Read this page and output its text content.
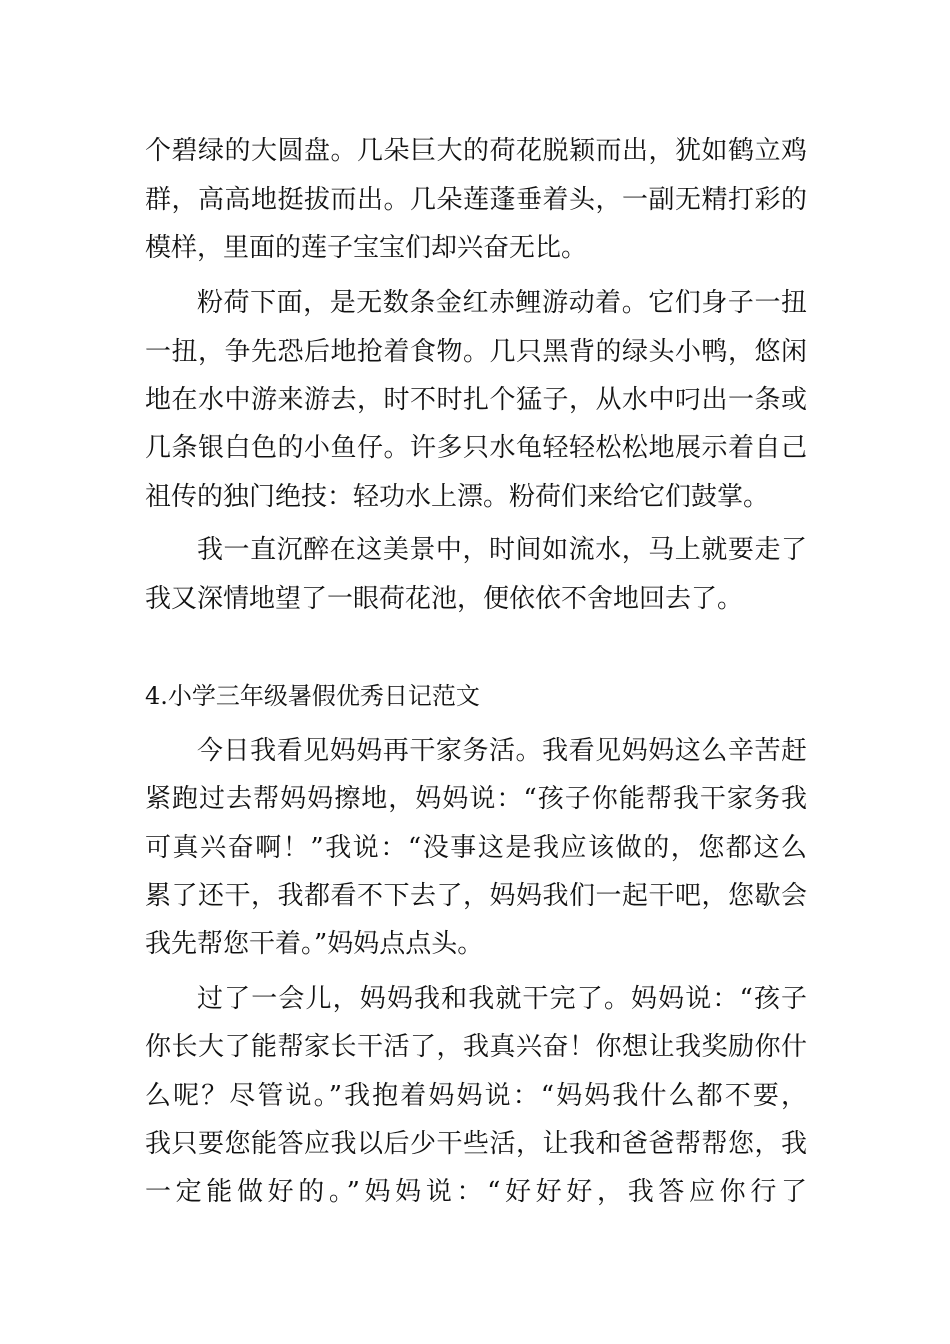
个碧绿的大圆盘。几朵巨大的荷花脱颖而出，犹如鹤立鸡
群，高高地挺拔而出。几朵莲蓬垂着头，一副无精打彩的
模样，里面的莲子宝宝们却兴奋无比。
粉荷下面，是无数条金红赤鲤游动着。它们身子一扭
一扭，争先恐后地抢着食物。几只黑背的绿头小鸭，悠闲
地在水中游来游去，时不时扎个猛子，从水中叼出一条或
几条银白色的小鱼仔。许多只水龟轻轻松松地展示着自己
祖传的独门绝技：轻功水上漂。粉荷们来给它们鼓掌。
我一直沉醉在这美景中，时间如流水，马上就要走了
我又深情地望了一眼荷花池，便依依不舍地回去了。
4.小学三年级暑假优秀日记范文
今日我看见妈妈再干家务活。我看见妈妈这么辛苦赶
紧跑过去帮妈妈擦地，妈妈说：“孩子你能帮我干家务我
可真兴奋啊！”我说：“没事这是我应该做的，您都这么
累了还干，我都看不下去了，妈妈我们一起干吧，您歇会
我先帮您干着。”妈妈点点头。
过了一会儿，妈妈我和我就干完了。妈妈说：“孩子
你长大了能帮家长干活了，我真兴奋！你想让我奖励你什
么呢？尽管说。”我抱着妈妈说：“妈妈我什么都不要，
我只要您能答应我以后少干些活，让我和爸爸帮帮您，我
一定能做好的。”妈妈说：“好好好，我答应你行了
